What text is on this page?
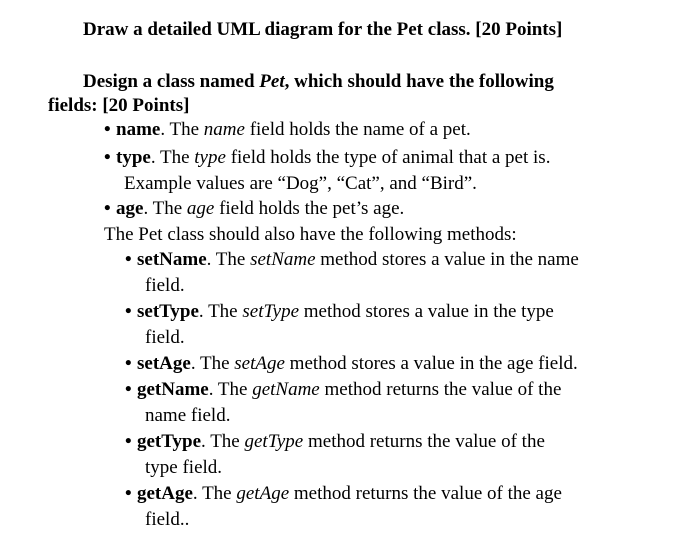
Draw a detailed UML diagram for the Pet class. [20 Points]
Design a class named Pet, which should have the following
fields: [20 Points]
• name. The name field holds the name of a pet.
• type. The type field holds the type of animal that a pet is.
Example values are “Dog”, “Cat”, and “Bird”.
• age. The age field holds the pet’s age.
The Pet class should also have the following methods:
• setName. The setName method stores a value in the name
field.
• setType. The setType method stores a value in the type
field.
• setAge. The setAge method stores a value in the age field.
• getName. The getName method returns the value of the
name field.
• getType. The getType method returns the value of the
type field.
• getAge. The getAge method returns the value of the age
field..
